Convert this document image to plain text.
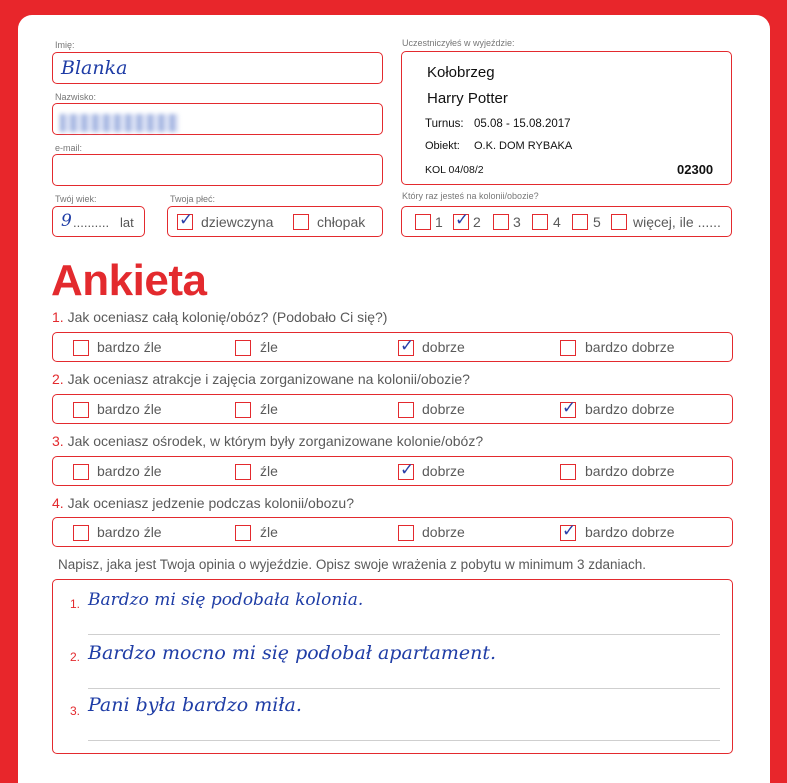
Imię:
Blanka
Nazwisko:
e-mail:
Twój wiek:
9 .......... lat
Twoja płeć:
✓ dziewczyna	chłopak
Uczestniczyłeś w wyjeździe:
Kołobrzeg
Harry Potter
Turnus: 05.08 - 15.08.2017
Obiekt: O.K. DOM RYBAKA
KOL 04/08/2	02300
Który raz jesteś na kolonii/obozie?
1 ✓ 2 3 4 5 więcej, ile ......
Ankieta
1. Jak oceniasz całą kolonię/obóz? (Podobało Ci się?)
bardzo źle	źle	✓ dobrze	bardzo dobrze
2. Jak oceniasz atrakcje i zajęcia zorganizowane na kolonii/obozie?
bardzo źle	źle	dobrze	✓ bardzo dobrze
3. Jak oceniasz ośrodek, w którym były zorganizowane kolonie/obóz?
bardzo źle	źle	✓ dobrze	bardzo dobrze
4. Jak oceniasz jedzenie podczas kolonii/obozu?
bardzo źle	źle	dobrze	✓ bardzo dobrze
Napisz, jaka jest Twoja opinia o wyjeździe. Opisz swoje wrażenia z pobytu w minimum 3 zdaniach.
1. Bardzo mi się podobała kolonia.
2. Bardzo mocno mi się podobał apartament.
3. Pani była bardzo miła.
